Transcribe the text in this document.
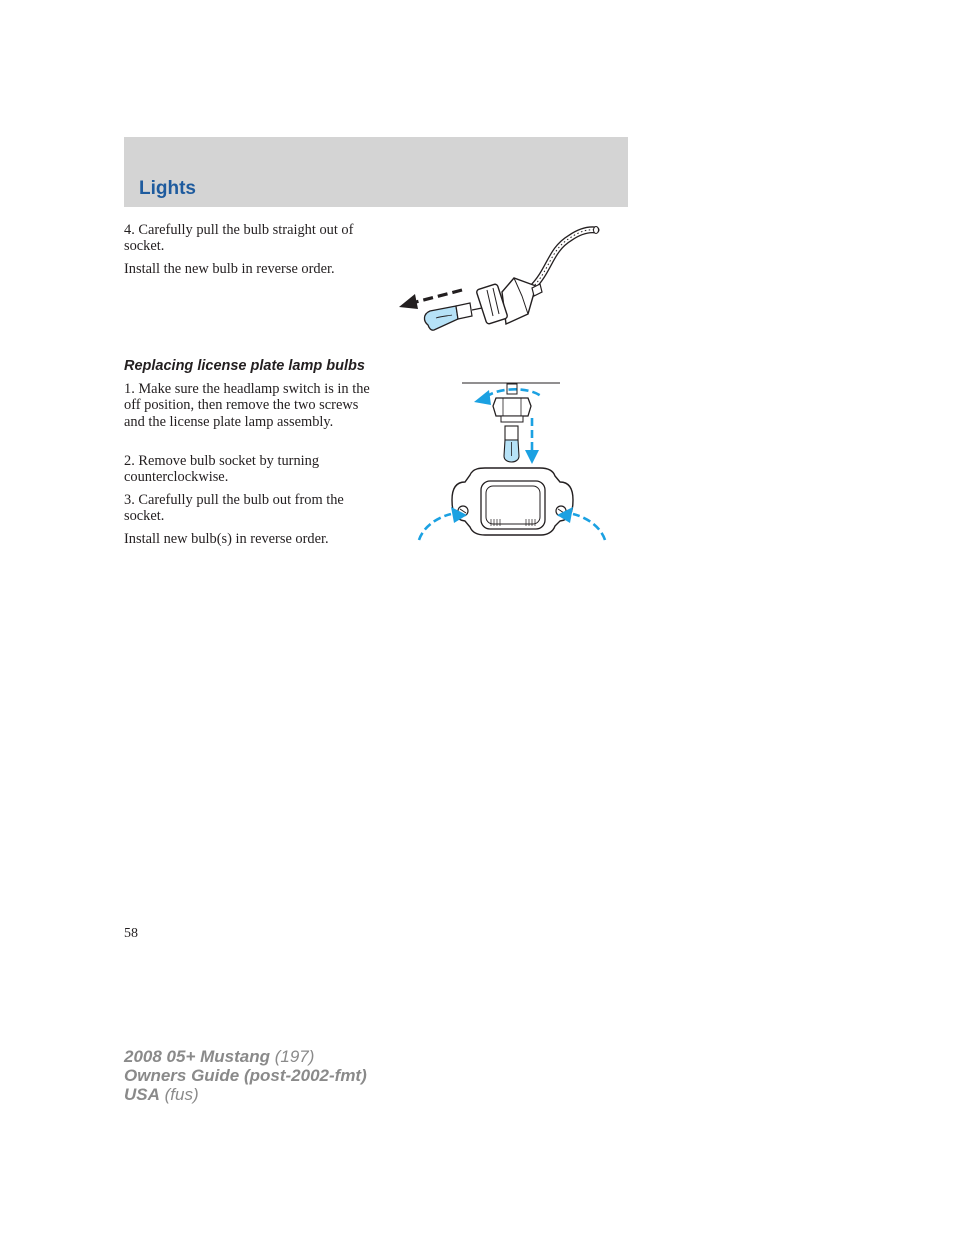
Lights

4. Carefully pull the bulb straight out of socket.

Install the new bulb in reverse order.

Replacing license plate lamp bulbs

1. Make sure the headlamp switch is in the off position, then remove the two screws and the license plate lamp assembly.

2. Remove bulb socket by turning counterclockwise.

3. Carefully pull the bulb out from the socket.

Install new bulb(s) in reverse order.

58
2008 05+ Mustang (197)
Owners Guide (post-2002-fmt)
USA (fus)
